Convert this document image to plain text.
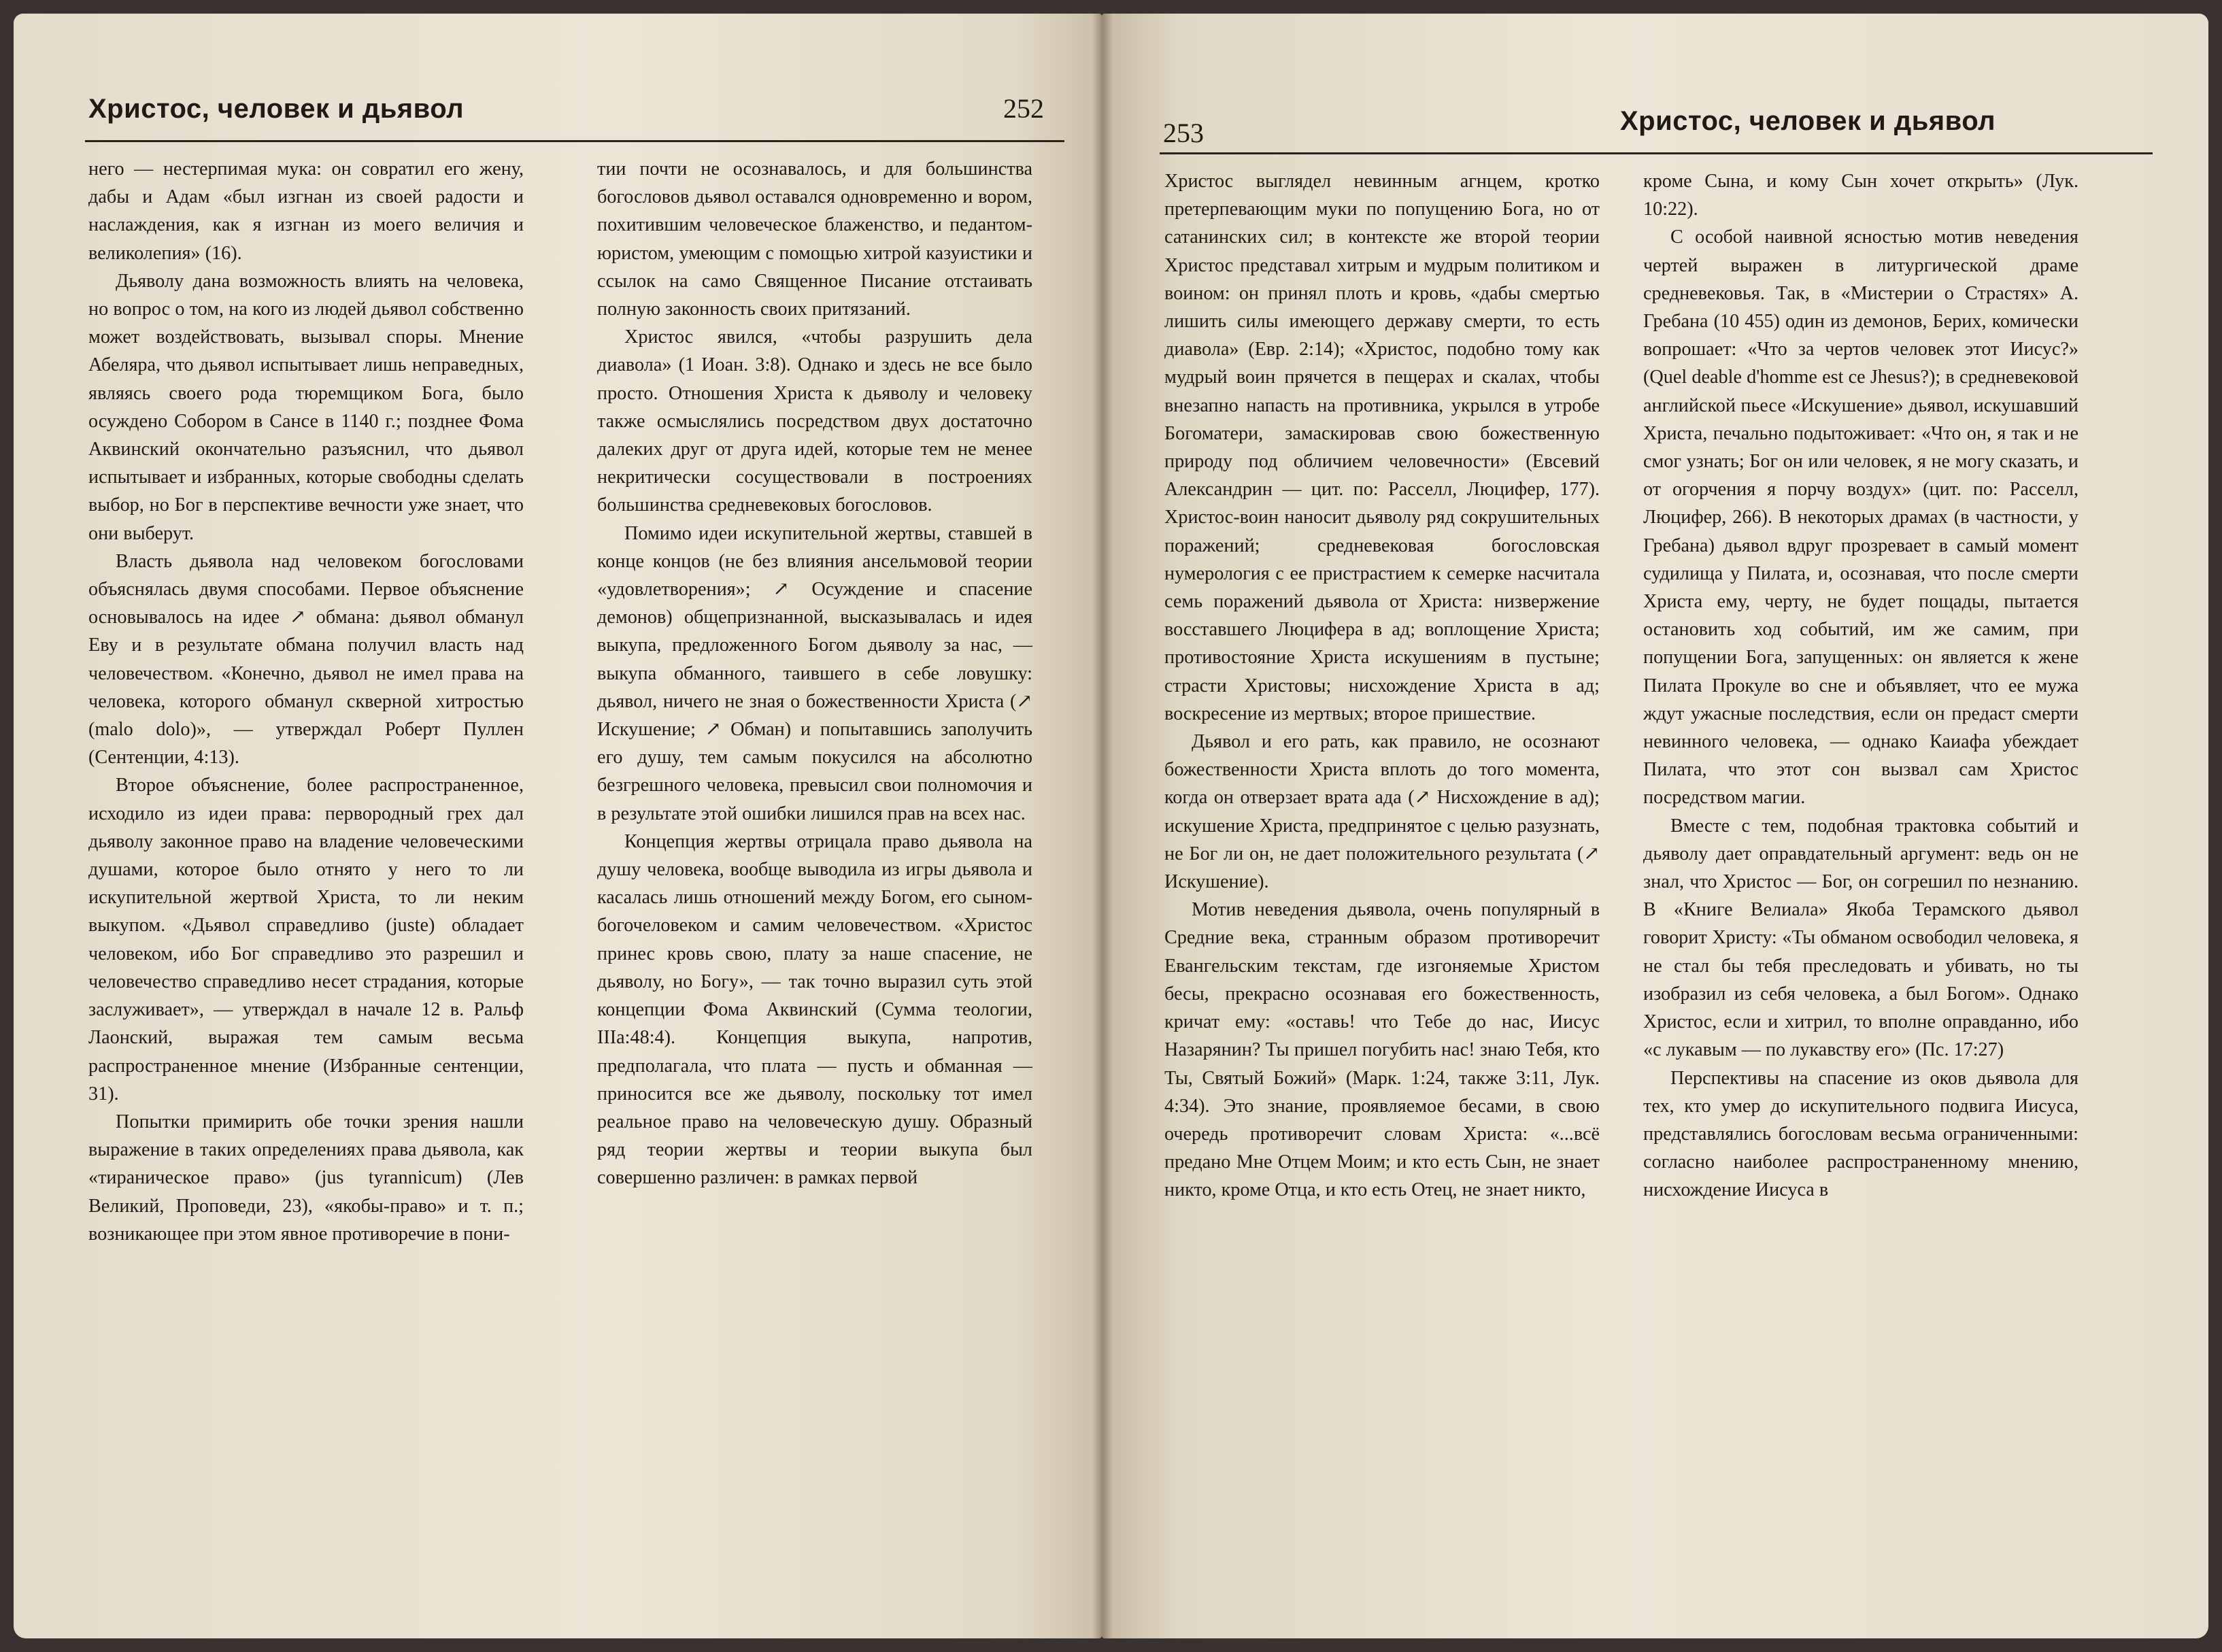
Христос, человек и дьявол	252

него — нестерпимая мука: он совратил его жену, дабы и Адам «был изгнан из своей радости и наслаждения, как я изгнан из моего величия и великолепия» (16).

Дьяволу дана возможность влиять на человека, но вопрос о том, на кого из людей дьявол собственно может воздействовать, вызывал споры. Мнение Абеляра, что дьявол испытывает лишь неправедных, являясь своего рода тюремщиком Бога, было осуждено Собором в Сансе в 1140 г.; позднее Фома Аквинский окончательно разъяснил, что дьявол испытывает и избранных, которые свободны сделать выбор, но Бог в перспективе вечности уже знает, что они выберут.

Власть дьявола над человеком богословами объяснялась двумя способами. Первое объяснение основывалось на идее ↗ обмана: дьявол обманул Еву и в результате обмана получил власть над человечеством. «Конечно, дьявол не имел права на человека, которого обманул скверной хитростью (malo dolo)», — утверждал Роберт Пуллен (Сентенции, 4:13).

Второе объяснение, более распространенное, исходило из идеи права: первородный грех дал дьяволу законное право на владение человеческими душами, которое было отнято у него то ли искупительной жертвой Христа, то ли неким выкупом. «Дьявол справедливо (juste) обладает человеком, ибо Бог справедливо это разрешил и человечество справедливо несет страдания, которые заслуживает», — утверждал в начале 12 в. Ральф Лаонский, выражая тем самым весьма распространенное мнение (Избранные сентенции, 31).

Попытки примирить обе точки зрения нашли выражение в таких определениях права дьявола, как «тираническое право» (jus tyrannicum) (Лев Великий, Проповеди, 23), «якобы-право» и т. п.; возникающее при этом явное противоречие в пони-

тии почти не осознавалось, и для большинства богословов дьявол оставался одновременно и вором, похитившим человеческое блаженство, и педантом-юристом, умеющим с помощью хитрой казуистики и ссылок на само Священное Писание отстаивать полную законность своих притязаний.

Христос явился, «чтобы разрушить дела диавола» (1 Иоан. 3:8). Однако и здесь не все было просто. Отношения Христа к дьяволу и человеку также осмыслялись посредством двух достаточно далеких друг от друга идей, которые тем не менее некритически сосуществовали в построениях большинства средневековых богословов.

Помимо идеи искупительной жертвы, ставшей в конце концов (не без влияния ансельмовой теории «удовлетворения»; ↗ Осуждение и спасение демонов) общепризнанной, высказывалась и идея выкупа, предложенного Богом дьяволу за нас, — выкупа обманного, таившего в себе ловушку: дьявол, ничего не зная о божественности Христа (↗ Искушение; ↗ Обман) и попытавшись заполучить его душу, тем самым покусился на абсолютно безгрешного человека, превысил свои полномочия и в результате этой ошибки лишился прав на всех нас.

Концепция жертвы отрицала право дьявола на душу человека, вообще выводила из игры дьявола и касалась лишь отношений между Богом, его сыном-богочеловеком и самим человечеством. «Христос принес кровь свою, плату за наше спасение, не дьяволу, но Богу», — так точно выразил суть этой концепции Фома Аквинский (Сумма теологии, IIIa:48:4). Концепция выкупа, напротив, предполагала, что плата — пусть и обманная — приносится все же дьяволу, поскольку тот имел реальное право на человеческую душу. Образный ряд теории жертвы и теории выкупа был совершенно различен: в рамках первой

253	Христос, человек и дьявол

Христос выглядел невинным агнцем, кротко претерпевающим муки по попущению Бога, но от сатанинских сил; в контексте же второй теории Христос представал хитрым и мудрым политиком и воином: он принял плоть и кровь, «дабы смертью лишить силы имеющего державу смерти, то есть диавола» (Евр. 2:14); «Христос, подобно тому как мудрый воин прячется в пещерах и скалах, чтобы внезапно напасть на противника, укрылся в утробе Богоматери, замаскировав свою божественную природу под обличием человечности» (Евсевий Александрин — цит. по: Расселл, Люцифер, 177). Христос-воин наносит дьяволу ряд сокрушительных поражений; средневековая богословская нумерология с ее пристрастием к семерке насчитала семь поражений дьявола от Христа: низвержение восставшего Люцифера в ад; воплощение Христа; противостояние Христа искушениям в пустыне; страсти Христовы; нисхождение Христа в ад; воскресение из мертвых; второе пришествие.

Дьявол и его рать, как правило, не осознают божественности Христа вплоть до того момента, когда он отверзает врата ада (↗ Нисхождение в ад); искушение Христа, предпринятое с целью разузнать, не Бог ли он, не дает положительного результата (↗ Искушение).

Мотив неведения дьявола, очень популярный в Средние века, странным образом противоречит Евангельским текстам, где изгоняемые Христом бесы, прекрасно осознавая его божественность, кричат ему: «оставь! что Тебе до нас, Иисус Назарянин? Ты пришел погубить нас! знаю Тебя, кто Ты, Святый Божий» (Марк. 1:24, также 3:11, Лук. 4:34). Это знание, проявляемое бесами, в свою очередь противоречит словам Христа: «...всё предано Мне Отцем Моим; и кто есть Сын, не знает никто, кроме Отца, и кто есть Отец, не знает никто,

кроме Сына, и кому Сын хочет открыть» (Лук. 10:22).

С особой наивной ясностью мотив неведения чертей выражен в литургической драме средневековья. Так, в «Мистерии о Страстях» А. Гребана (10 455) один из демонов, Берих, комически вопрошает: «Что за чертов человек этот Иисус?» (Quel deable d'homme est ce Jhesus?); в средневековой английской пьесе «Искушение» дьявол, искушавший Христа, печально подытоживает: «Что он, я так и не смог узнать; Бог он или человек, я не могу сказать, и от огорчения я порчу воздух» (цит. по: Расселл, Люцифер, 266). В некоторых драмах (в частности, у Гребана) дьявол вдруг прозревает в самый момент судилища у Пилата, и, осознавая, что после смерти Христа ему, черту, не будет пощады, пытается остановить ход событий, им же самим, при попущении Бога, запущенных: он является к жене Пилата Прокуле во сне и объявляет, что ее мужа ждут ужасные последствия, если он предаст смерти невинного человека, — однако Каиафа убеждает Пилата, что этот сон вызвал сам Христос посредством магии.

Вместе с тем, подобная трактовка событий и дьяволу дает оправдательный аргумент: ведь он не знал, что Христос — Бог, он согрешил по незнанию. В «Книге Велиала» Якоба Терамского дьявол говорит Христу: «Ты обманом освободил человека, я не стал бы тебя преследовать и убивать, но ты изобразил из себя человека, а был Богом». Однако Христос, если и хитрил, то вполне оправданно, ибо «с лукавым — по лукавству его» (Пс. 17:27)

Перспективы на спасение из оков дьявола для тех, кто умер до искупительного подвига Иисуса, представлялись богословам весьма ограниченными: согласно наиболее распространенному мнению, нисхождение Иисуса в
